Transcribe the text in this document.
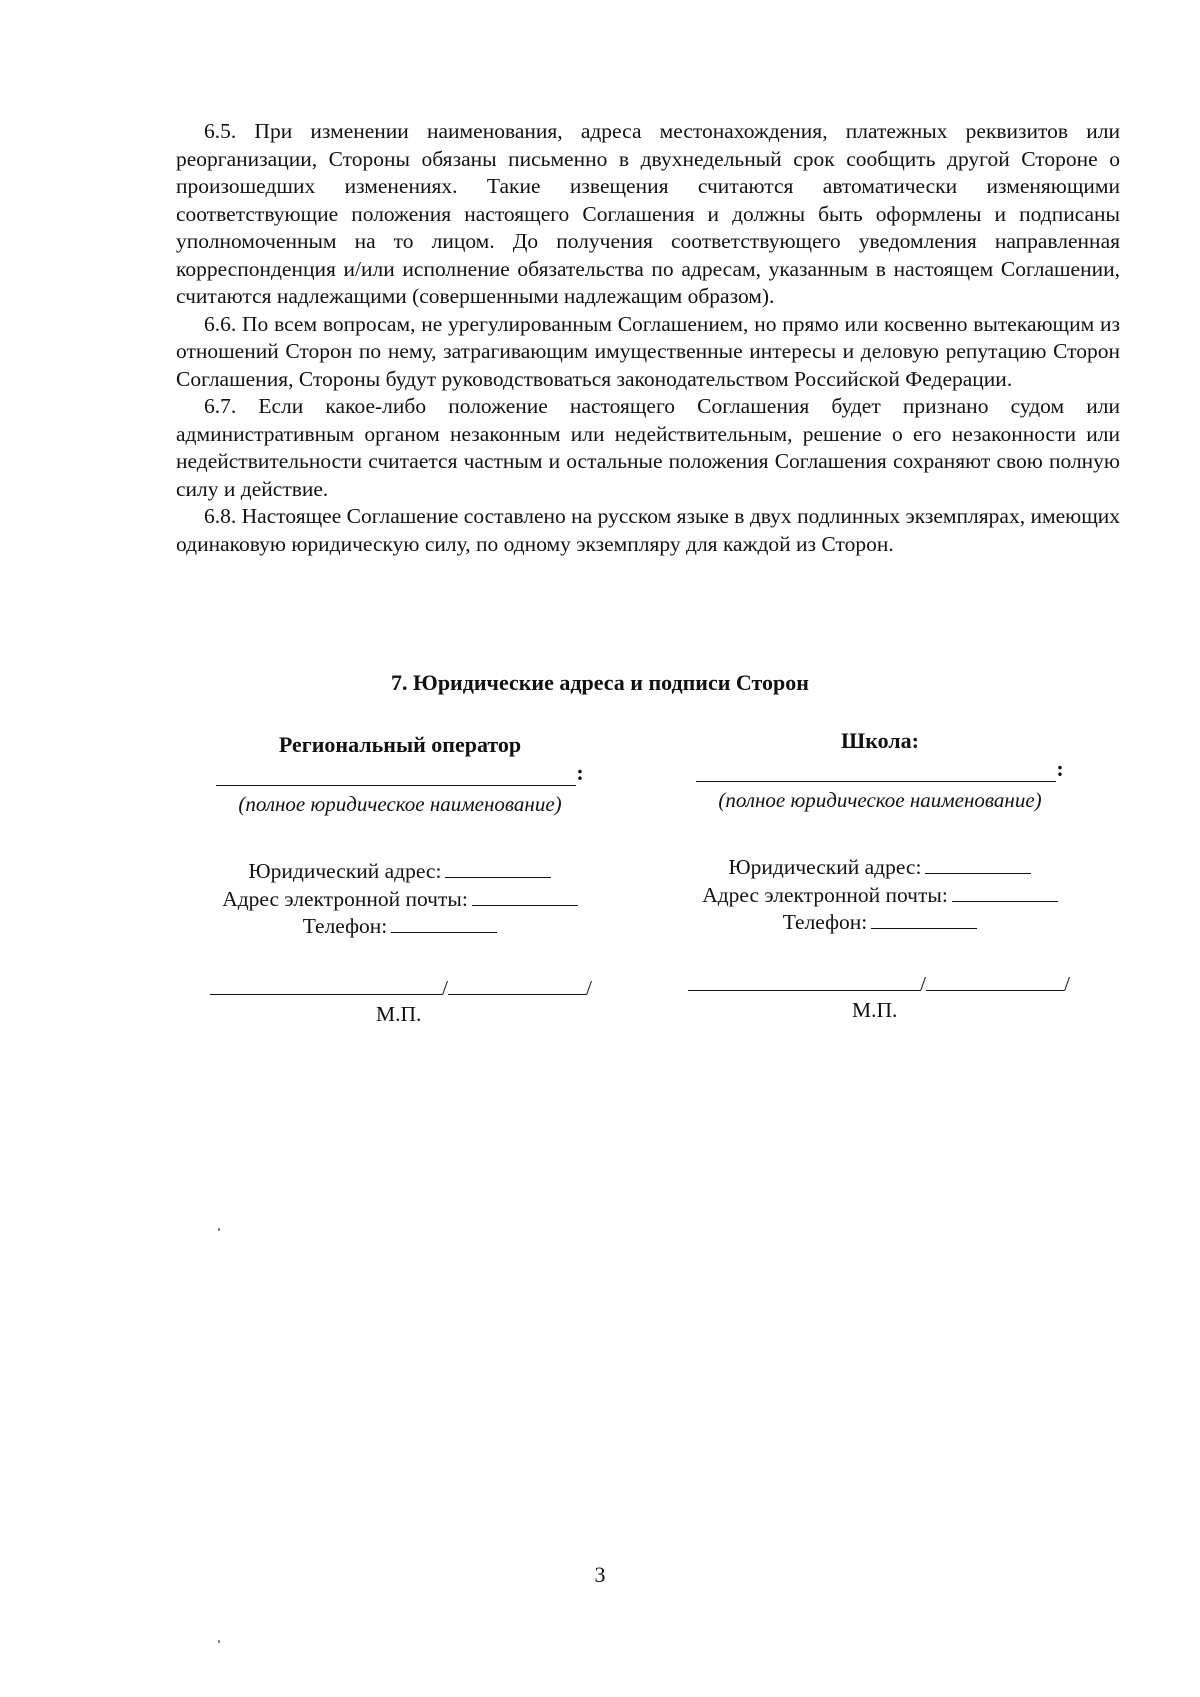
6.5. При изменении наименования, адреса местонахождения, платежных реквизитов или реорганизации, Стороны обязаны письменно в двухнедельный срок сообщить другой Стороне о произошедших изменениях. Такие извещения считаются автоматически изменяющими соответствующие положения настоящего Соглашения и должны быть оформлены и подписаны уполномоченным на то лицом. До получения соответствующего уведомления направленная корреспонденция и/или исполнение обязательства по адресам, указанным в настоящем Соглашении, считаются надлежащими (совершенными надлежащим образом).

6.6. По всем вопросам, не урегулированным Соглашением, но прямо или косвенно вытекающим из отношений Сторон по нему, затрагивающим имущественные интересы и деловую репутацию Сторон Соглашения, Стороны будут руководствоваться законодательством Российской Федерации.

6.7. Если какое-либо положение настоящего Соглашения будет признано судом или административным органом незаконным или недействительным, решение о его незаконности или недействительности считается частным и остальные положения Соглашения сохраняют свою полную силу и действие.

6.8. Настоящее Соглашение составлено на русском языке в двух подлинных экземплярах, имеющих одинаковую юридическую силу, по одному экземпляру для каждой из Сторон.

7. Юридические адреса и подписи Сторон
Региональный оператор
:
(полное юридическое наименование)
Юридический адрес:
Адрес электронной почты:
Телефон:
/	/
М.П.
Школа:
:
(полное юридическое наименование)
Юридический адрес:
Адрес электронной почты:
Телефон:
/	/
М.П.
3
